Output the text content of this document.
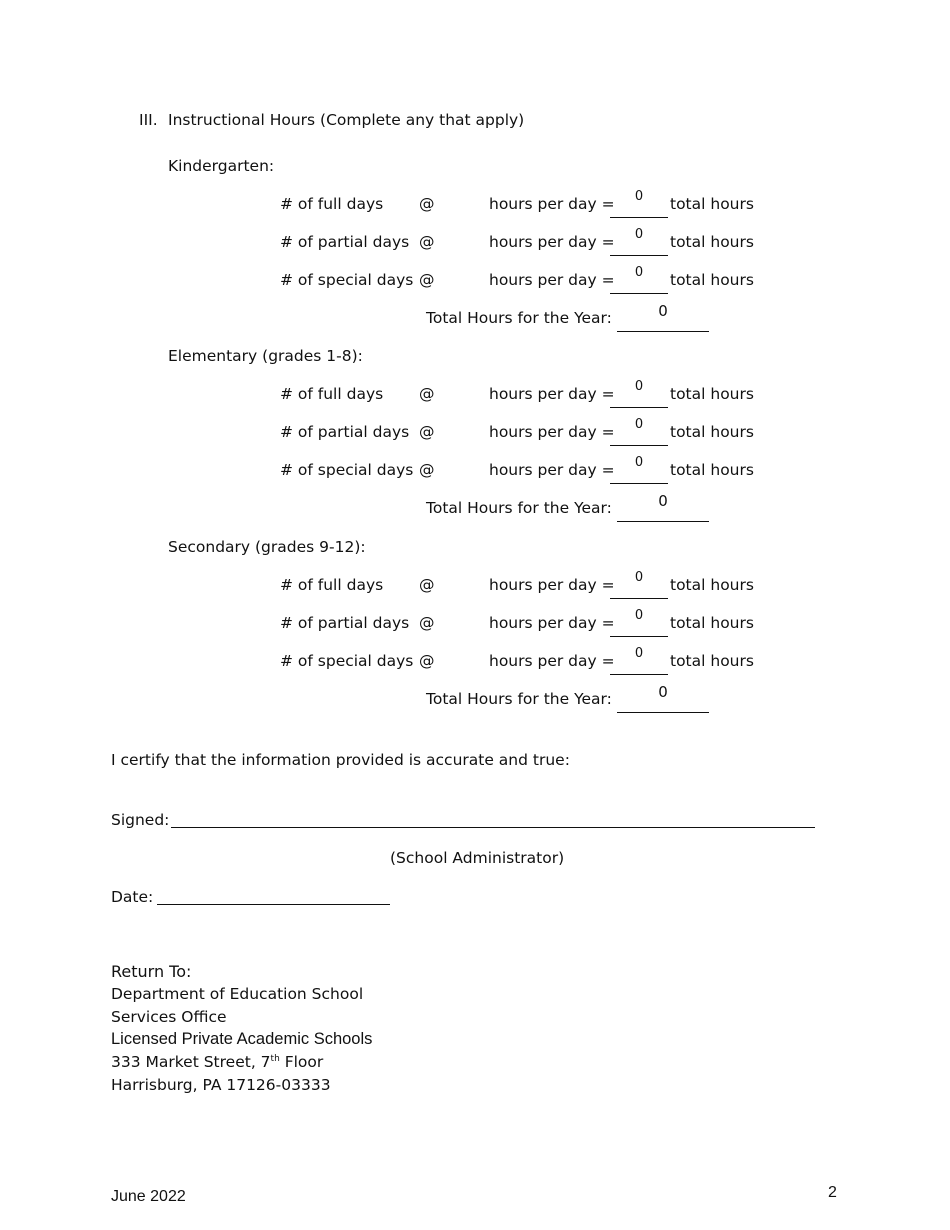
III. Instructional Hours (Complete any that apply)
Kindergarten:
# of full days @	hours per day =	0	total hours
# of partial days @	hours per day =	0	total hours
# of special days @	hours per day =	0	total hours
Total Hours for the Year:	0
Elementary (grades 1-8):
# of full days @	hours per day =	0	total hours
# of partial days @	hours per day =	0	total hours
# of special days @	hours per day =	0	total hours
Total Hours for the Year:	0
Secondary (grades 9-12):
# of full days @	hours per day =	0	total hours
# of partial days @	hours per day =	0	total hours
# of special days @	hours per day =	0	total hours
Total Hours for the Year:	0
I certify that the information provided is accurate and true:
Signed:
(School Administrator)
Date:
Return To:
Department of Education School
Services Office
Licensed Private Academic Schools
333 Market Street, 7th Floor
Harrisburg, PA 17126-03333
June 2022	2
